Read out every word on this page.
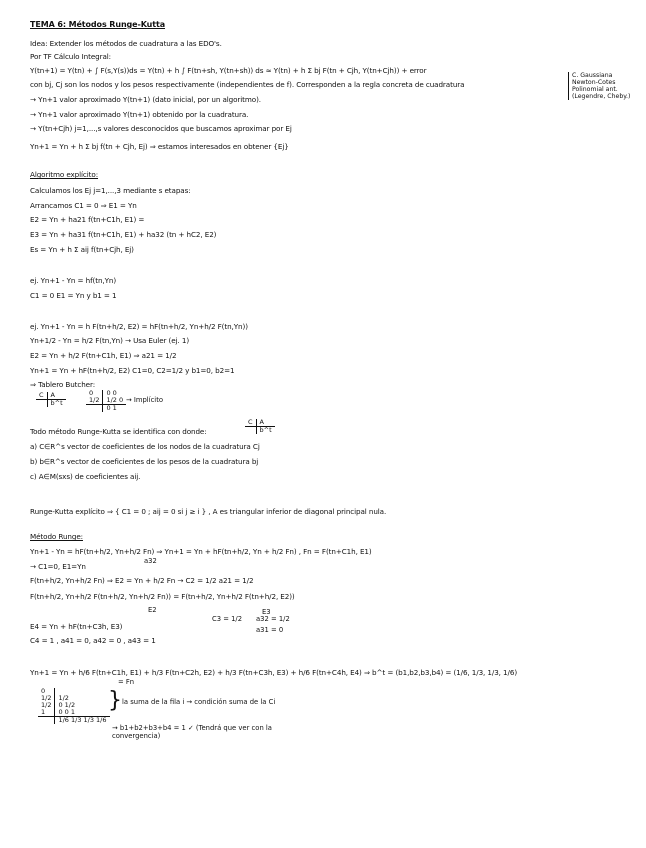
TEMA 6: Métodos Runge-Kutta
Idea: Extender los métodos de cuadratura a las EDO's.
Por TF Cálculo Integral:
Y(tn+1) = Y(tn) + ∫ F(s,Y(s))ds = Y(tn) + h ∫ F(tn+sh, Y(tn+sh)) ds ≈ Y(tn) + h Σ bj F(tn + Cjh, Y(tn+Cjh)) + error
con bj, Cj son los nodos y los pesos respectivamente (independientes de f). Corresponden a la regla concreta de cuadratura
→ Yn+1 valor aproximado Y(tn+1) (dato inicial, por un algoritmo).
→ Yn+1 valor aproximado Y(tn+1) obtenido por la cuadratura.
→ Y(tn+Cjh) j=1,...,s valores desconocidos que buscamos aproximar por Ej
Yn+1 = Yn + h Σ bj f(tn + Cjh, Ej) ⇒ estamos interesados en obtener {Ej}
C. Gaussiana
Newton-Cotes
Polinomial ant.
(Legendre, Cheby.)
Algoritmo explícito:
Calculamos los Ej j=1,...,3 mediante s etapas:
Arrancamos C1 = 0 ⇒ E1 = Yn
E2 = Yn + ha21 f(tn+C1h, E1) =
E3 = Yn + ha31 f(tn+C1h, E1) + ha32 (tn + hC2, E2)
Es = Yn + h Σ aij f(tn+Cjh, Ej)
ej. Yn+1 - Yn = hf(tn,Yn)
C1 = 0 E1 = Yn y b1 = 1
ej. Yn+1 - Yn = h F(tn+h/2, E2) = hF(tn+h/2, Yn+h/2 F(tn,Yn))
Yn+1/2 - Yn = h/2 F(tn,Yn) → Usa Euler (ej. 1)
E2 = Yn + h/2 F(tn+C1h, E1) ⇒ a21 = 1/2
Yn+1 = Yn + hF(tn+h/2, E2) C1=0, C2=1/2 y b1=0, b2=1
⇒ Tablero Butcher:
C	A
	b^t
0	0 0
1/2	1/2 0
	0 1
→ Implícito
Todo método Runge-Kutta se identifica con donde:
C	A
	b^t
a) C∈R^s vector de coeficientes de los nodos de la cuadratura Cj
b) b∈R^s vector de coeficientes de los pesos de la cuadratura bj
c) A∈M(sxs) de coeficientes aij.
Runge-Kutta explícito ⇒ { C1 = 0 ; aij = 0 si j ≥ i } , A es triangular inferior de diagonal principal nula.
Método Runge:
Yn+1 - Yn = hF(tn+h/2, Yn+h/2 Fn) ⇒ Yn+1 = Yn + hF(tn+h/2, Yn + h/2 Fn) , Fn = F(tn+C1h, E1)
→ C1=0, E1=Yn
a32
F(tn+h/2, Yn+h/2 Fn) ⇒ E2 = Yn + h/2 Fn → C2 = 1/2 a21 = 1/2
F(tn+h/2, Yn+h/2 F(tn+h/2, Yn+h/2 Fn)) = F(tn+h/2, Yn+h/2 F(tn+h/2, E2))
E2
C3 = 1/2 a32 = 1/2
E3
a31 = 0
E4 = Yn + hF(tn+C3h, E3)
C4 = 1 , a41 = 0, a42 = 0 , a43 = 1
Yn+1 = Yn + h/6 F(tn+C1h, E1) + h/3 F(tn+C2h, E2) + h/3 F(tn+C3h, E3) + h/6 F(tn+C4h, E4) ⇒ b^t = (b1,b2,b3,b4) = (1/6, 1/3, 1/3, 1/6)
= Fn
0	
1/2	1/2
1/2	0 1/2
1	0 0 1
	1/6 1/3 1/3 1/6
} la suma de la fila i → condición suma de la Ci
→ b1+b2+b3+b4 = 1 ✓ (Tendrá que ver con la convergencia)
